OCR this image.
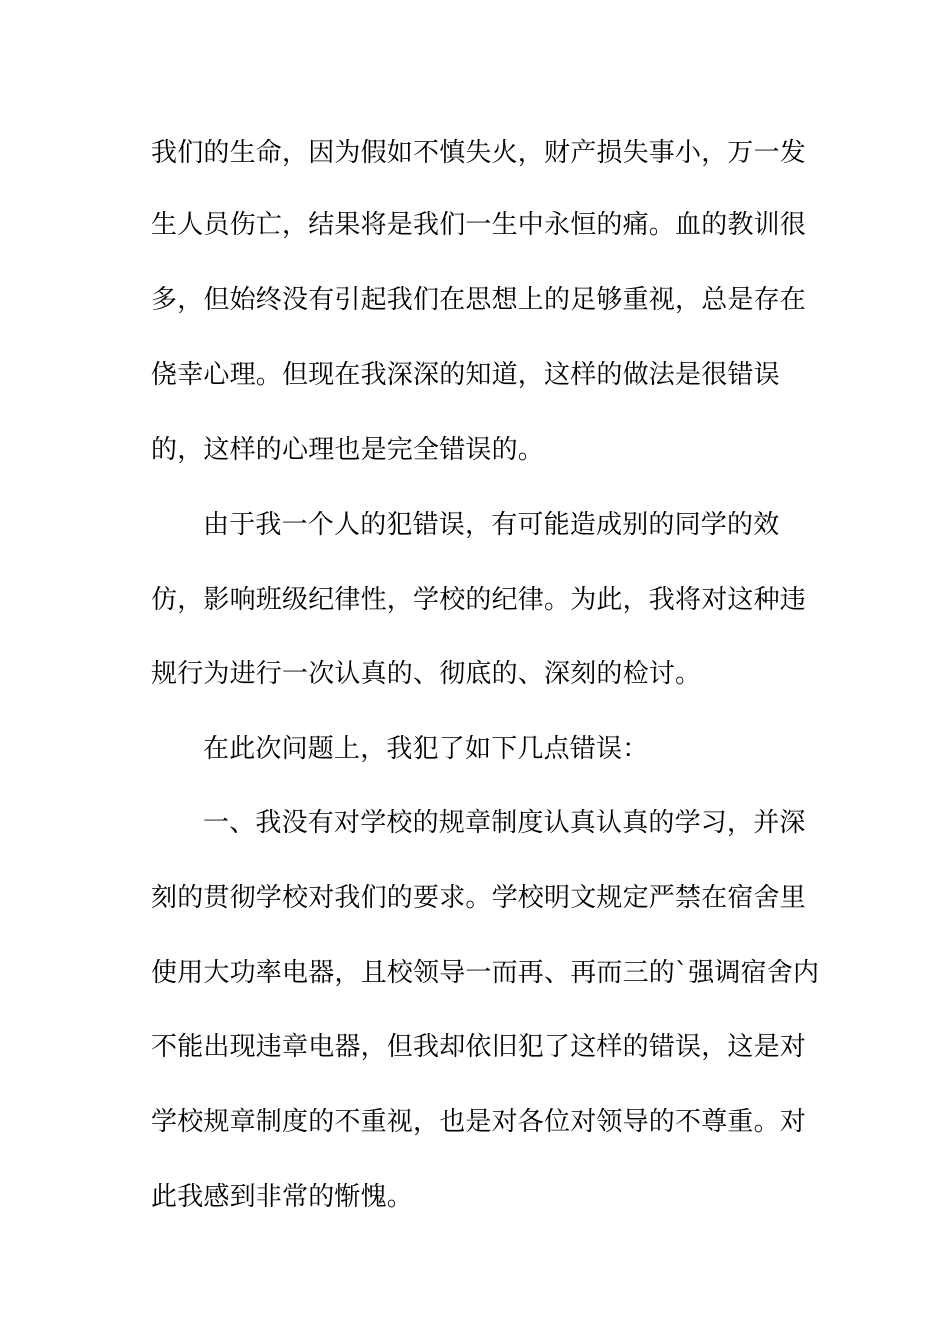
我们的生命，因为假如不慎失火，财产损失事小，万一发
生人员伤亡，结果将是我们一生中永恒的痛。血的教训很
多，但始终没有引起我们在思想上的足够重视，总是存在
侥幸心理。但现在我深深的知道，这样的做法是很错误
的，这样的心理也是完全错误的。
由于我一个人的犯错误，有可能造成别的同学的效
仿，影响班级纪律性，学校的纪律。为此，我将对这种违
规行为进行一次认真的、彻底的、深刻的检讨。
在此次问题上，我犯了如下几点错误：
一、我没有对学校的规章制度认真认真的学习，并深
刻的贯彻学校对我们的要求。学校明文规定严禁在宿舍里
使用大功率电器，且校领导一而再、再而三的`强调宿舍内
不能出现违章电器，但我却依旧犯了这样的错误，这是对
学校规章制度的不重视，也是对各位对领导的不尊重。对
此我感到非常的惭愧。
